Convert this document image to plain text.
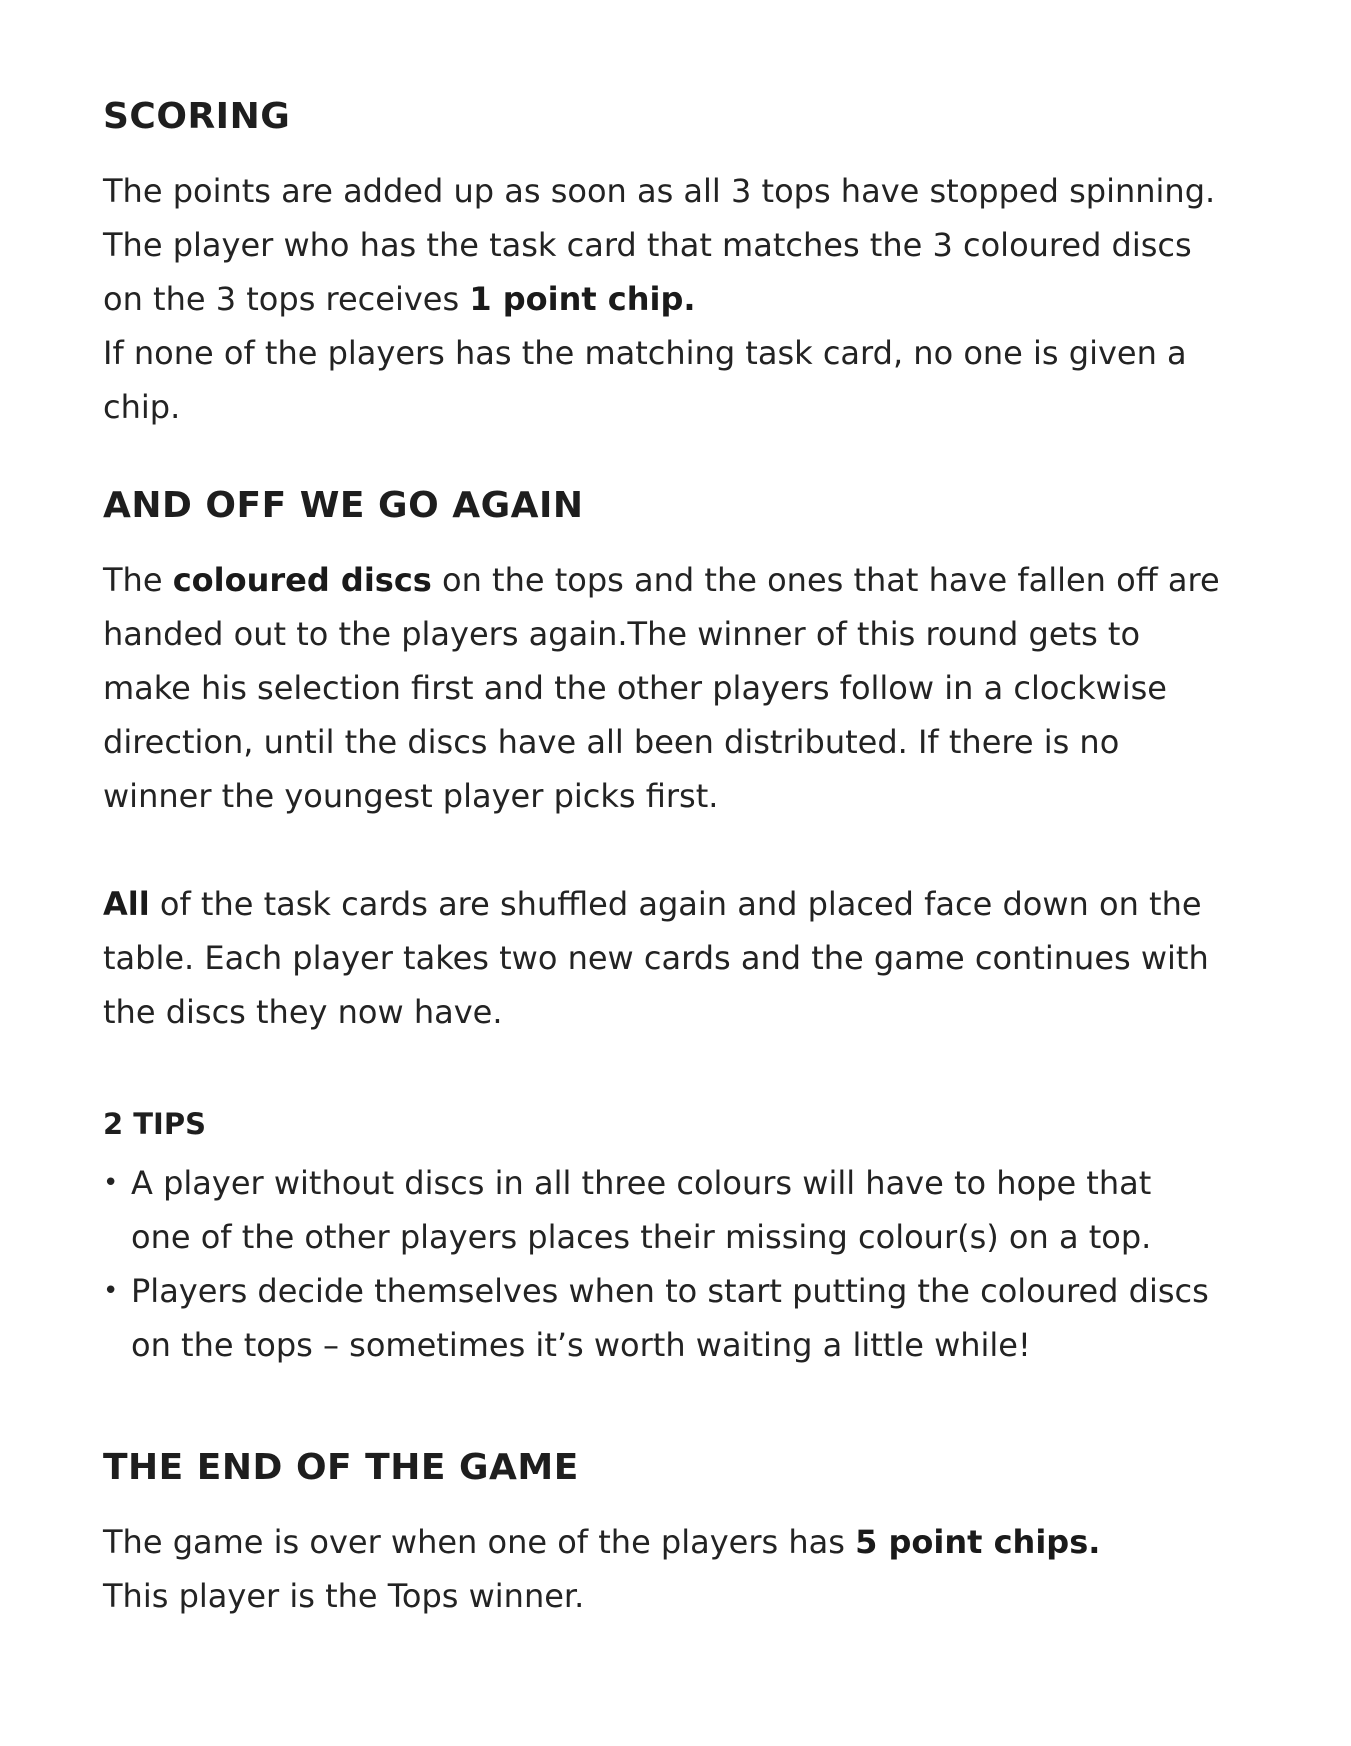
SCORING

The points are added up as soon as all 3 tops have stopped spinning.
The player who has the task card that matches the 3 coloured discs
on the 3 tops receives 1 point chip.
If none of the players has the matching task card, no one is given a
chip.

AND OFF WE GO AGAIN

The coloured discs on the tops and the ones that have fallen off are
handed out to the players again.The winner of this round gets to
make his selection first and the other players follow in a clockwise
direction, until the discs have all been distributed. If there is no
winner the youngest player picks first.

All of the task cards are shuffled again and placed face down on the
table. Each player takes two new cards and the game continues with
the discs they now have.

2 TIPS
• A player without discs in all three colours will have to hope that
one of the other players places their missing colour(s) on a top.
• Players decide themselves when to start putting the coloured discs
on the tops – sometimes it’s worth waiting a little while!
THE END OF THE GAME

The game is over when one of the players has 5 point chips.
This player is the Tops winner.
